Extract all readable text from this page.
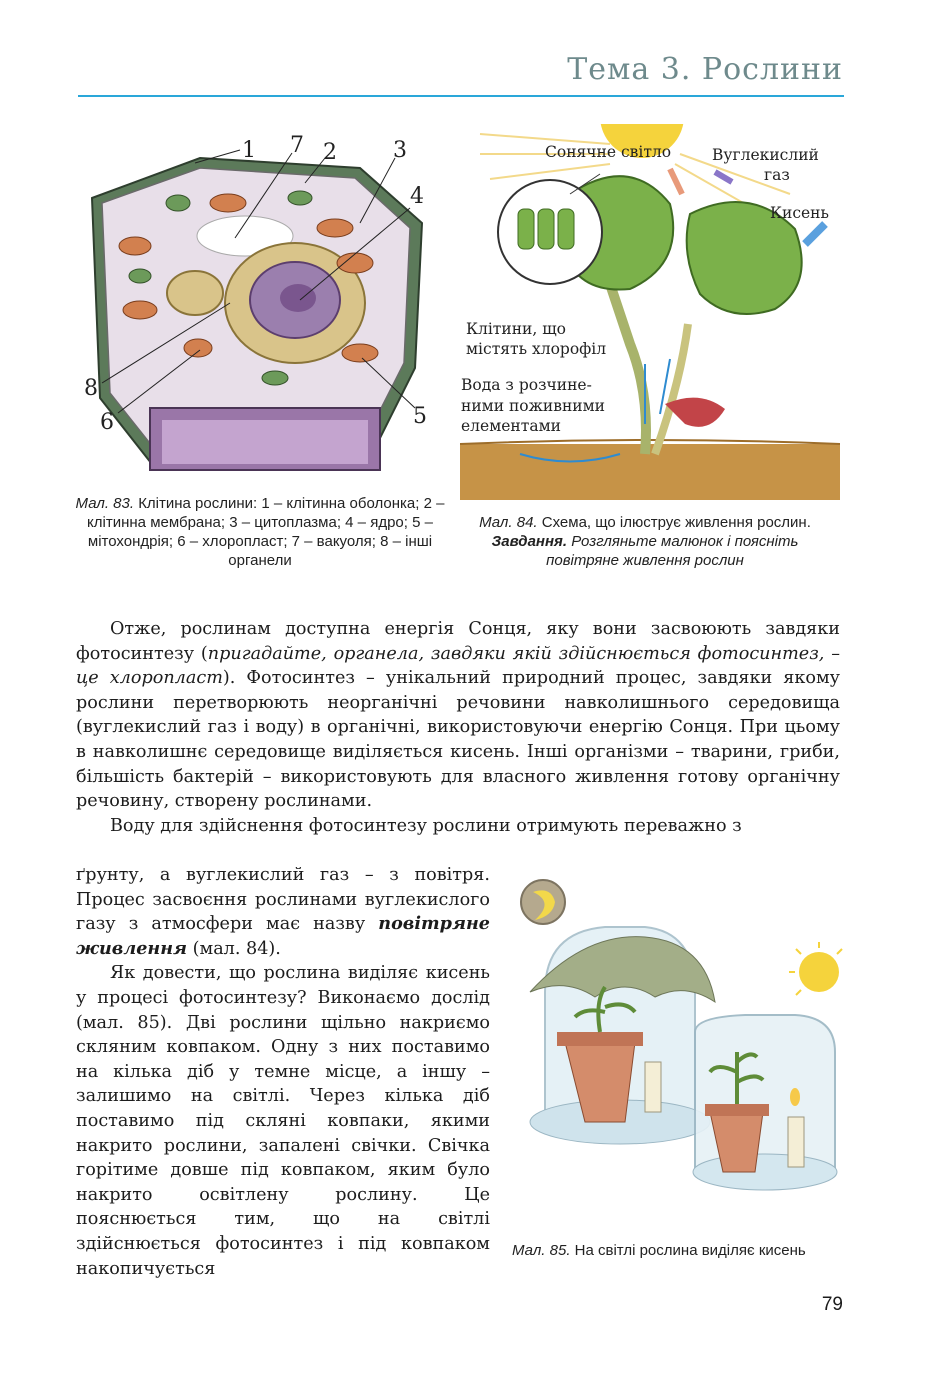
Тема 3. Рослини
1 7 2	3
4
8
6	5
Мал. 83. Клітина рослини: 1 – клітинна оболонка; 2 – клітинна мембрана; 3 – цитоплазма; 4 – ядро; 5 – мітохондрія; 6 – хлоропласт; 7 – вакуоля; 8 – інші органели
Сонячне світло	Вуглекислий
газ
Кисень
Клітини, що
містять хлорофіл
Вода з розчине-
ними поживними
елементами
Мал. 84. Схема, що ілюструє живлення рослин.
Завдання. Розгляньте малюнок і поясніть повітряне живлення рослин

Отже, рослинам доступна енергія Сонця, яку вони засвоюють завдяки фотосинтезу (пригадайте, органела, завдяки якій здійснюється фотосинтез, – це хлоропласт). Фотосинтез – унікальний природний процес, завдяки якому рослини перетворюють неорганічні речовини навколишнього середовища (вуглекислий газ і воду) в органічні, використовуючи енергію Сонця. При цьому в навколишнє середовище виділяється кисень. Інші організми – тварини, гриби, більшість бактерій – використовують для власного живлення готову органічну речовину, створену рослинами.

Воду для здійснення фотосинтезу рослини отримують переважно з

ґрунту, а вуглекислий газ – з повітря. Процес засвоєння рослинами вуглекислого газу з атмосфери має назву повітряне живлення (мал. 84).

Як довести, що рослина виділяє кисень у процесі фотосинтезу? Виконаємо дослід (мал. 85). Дві рослини щільно накриємо скляним ковпаком. Одну з них поставимо на кілька діб у темне місце, а іншу – залишимо на світлі. Через кілька діб поставимо під скляні ковпаки, якими накрито рослини, запалені свічки. Свічка горітиме довше під ковпаком, яким було накрито освітлену рослину. Це пояснюється тим, що на світлі здійснюється фотосинтез і під ковпаком накопичується

Мал. 85. На світлі рослина виділяє кисень
79
